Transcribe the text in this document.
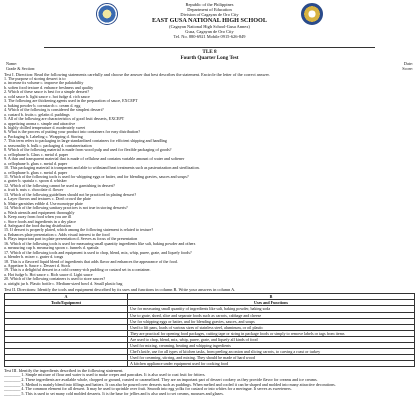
Republic of the Philippines
Department of Education
Division of Cagayan de Oro City
EAST GUSA NATIONAL HIGH SCHOOL
(Cagayan National High School-Gusa Annex)
Gusa, Cagayan de Oro City
Tel. No. 880-6921 Mobile 0915-626-849
TLE 8
Fourth Quarter Long Test
Name:	Date:
Grade & Section:	Score:
Test I. Direction: Read the following statements carefully and choose the answer that best describes the statement. Encircle the letter of the correct answer.
1. The purpose of storing dessert is to
a. increase its volume c. improve the palatability
b. soften food texture d. enhance freshness and quality
2. Which of these sauce is best for a simple dessert?
a. cold sauce b. light sauce c. hot fudge d. rich sauce
3. The following are thickening agents used in the preparation of sauce, EXCEPT
a. baking powder b. cornstarch c. cream d. egg
4. Which of the following is considered the simplest dessert?
a. custard b. fruits c. gelatin d. puddings
5. All of the following are characteristics of good fruit desserts, EXCEPT
a. appetizing aroma c. simple and attractive
b. highly chilled temperature d. moderately sweet
6. What is the process of putting your product into containers for easy distribution?
a. Packaging b. Labeling c. Wrapping d. Storing
7. This term refers to packaging in large standardized containers for efficient shipping and handling
a. seasonality b. bulk c. packaging d. containerization
8. Which of the following material is made from wood pulp and used for flexible packaging of goods?
a. cellophane b. Glass c. metal d. paper
9. A thin and transparent material that is made of cellulose and contains variable amount of water and softener
a. cellophane b. glass c. metal d. paper
10. This packaging material is transparent and able to withstand heat treatments such as pasteurization and sterilization.
a. cellophane b. glass c. metal d. paper
11. Which of the following tools is used for whipping eggs or batter, and for blending gravies, sauces and soups?
a. grater b. spatula c. spoon d. whisker
12. Which of the following cannot be used as garnishing in dessert?
a. fruit b. nuts c. chocolate d. flower
13. Which of the following guidelines should not be practiced in plating dessert?
a. Layer flavors and textures c. Don't crowd the plate
b. Make garnishes edible d. Use monotype plate
14. Which of the following sanitary practices is not true in storing desserts?
a. Wash utensils and equipment thoroughly
b. Keep away from food when you are ill
c. Store foods and ingredients in a dry place
d. Safeguard the food during distribution
15. If dessert is properly plated, which among the following statement is related to texture?
a. Enhances plate presentation c. Adds visual interest to the food
b. Plays important part in plate presentation d. Serves as focus of the presentation
16. Which of the following tools is used for measuring small quantity ingredients like salt, baking powder and others
a. measuring cup b. measuring spoon c. funnels d. spatula
17. Which of the following tools and equipment is used to chop, blend, mix, whip, puree, grate, and liquefy foods?
a. blender b. mixer c. grater d. tongs
18. This is a flavored liquid blend of ingredients that adds flavor and enhances the appearance of the food.
a. Appetizer b. Sauce c. Dessert d. Stock
19. This is a delightful dessert in a cold creamy-rich pudding or custard set in a container.
a. Hot fudge b. Hot sauce c. Rich sauce d. Light sauce
20. Which of the following containers is used to store sauces?
a. airtight jar b. Plastic bottle c. Medium-sized bowl d. Small plastic bag
Test II. Directions: Identify the tools and equipment described by its uses and functions in column B. Write your answers in column A.
A	B
Tools/Equipment	Uses and Functions
	Use for measuring small quantity of ingredients like salt, baking powder, baking soda
	Use to grate, shred, slice and separate foods such as carrots, cabbage and cheese
	Use for whipping eggs or batter, and for blending gravies, sauces, and soups
	Used to lift pans, loads of various sizes of stainless steel, aluminum, or oil plastic
	They are practical for opening food packages, cutting tape or string in package foods or simply to remove labels or tags from items
	Are used to chop, blend, mix, whip, puree, grate, and liquefy all kinds of food
	Used for mixing, creaming, beating and whipping ingredients
	Chef's knife, use for all types of kitchen tasks, from peeling an onion and slicing carrots, to carving a roast or turkey
	Used for creaming, stirring, and mixing. They should be made of hard wood
	A kitchen appliance under equipment used for cooking food
Test III. Identify the ingredients described in the following statement.
________ 1. Simple mixture of flour and water is used to make crepes and pancakes. It is also used to coat fruit for fritters.
________ 2. These ingredients are available whole, chopped or ground, roasted or caramelized. They are an important part of dessert cookery as they provide flavor for creams and ice creams.
________ 3. Method is mainly blend into fillings and batters. It can also be poured over desserts such as puddings. When melted and cooled it can be shaped and molded into many attractive decorations.
________ 4. The common element for all dessert. It may be used to sprinkle over fruit. Smooth into egg yolks for custard or into whites for a meringue. It serves as sweeteners.
________ 5. This is used to set many cold molded desserts. It is the base for jellies and is also used to set creams, mousses and glazes.
